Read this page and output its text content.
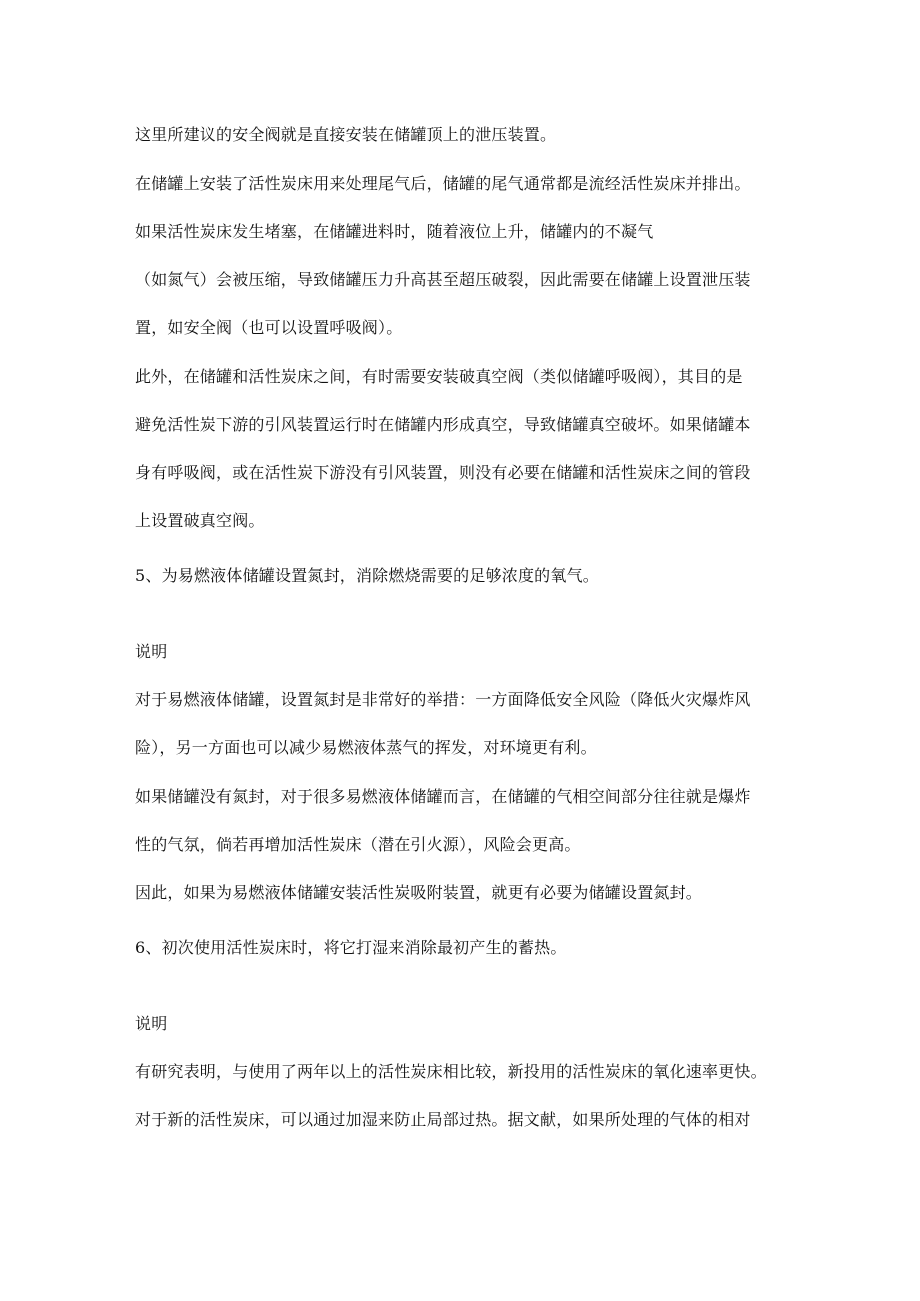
这里所建议的安全阀就是直接安装在储罐顶上的泄压装置。
在储罐上安装了活性炭床用来处理尾气后，储罐的尾气通常都是流经活性炭床并排出。
如果活性炭床发生堵塞，在储罐进料时，随着液位上升，储罐内的不凝气
（如氮气）会被压缩，导致储罐压力升高甚至超压破裂，因此需要在储罐上设置泄压装
置，如安全阀（也可以设置呼吸阀）。
此外，在储罐和活性炭床之间，有时需要安装破真空阀（类似储罐呼吸阀），其目的是
避免活性炭下游的引风装置运行时在储罐内形成真空，导致储罐真空破坏。如果储罐本
身有呼吸阀，或在活性炭下游没有引风装置，则没有必要在储罐和活性炭床之间的管段
上设置破真空阀。
5、为易燃液体储罐设置氮封，消除燃烧需要的足够浓度的氧气。
说明
对于易燃液体储罐，设置氮封是非常好的举措：一方面降低安全风险（降低火灾爆炸风
险），另一方面也可以减少易燃液体蒸气的挥发，对环境更有利。
如果储罐没有氮封，对于很多易燃液体储罐而言，在储罐的气相空间部分往往就是爆炸
性的气氛，倘若再增加活性炭床（潜在引火源），风险会更高。
因此，如果为易燃液体储罐安装活性炭吸附装置，就更有必要为储罐设置氮封。
6、初次使用活性炭床时，将它打湿来消除最初产生的蓄热。
说明
有研究表明，与使用了两年以上的活性炭床相比较，新投用的活性炭床的氧化速率更快。
对于新的活性炭床，可以通过加湿来防止局部过热。据文献，如果所处理的气体的相对
